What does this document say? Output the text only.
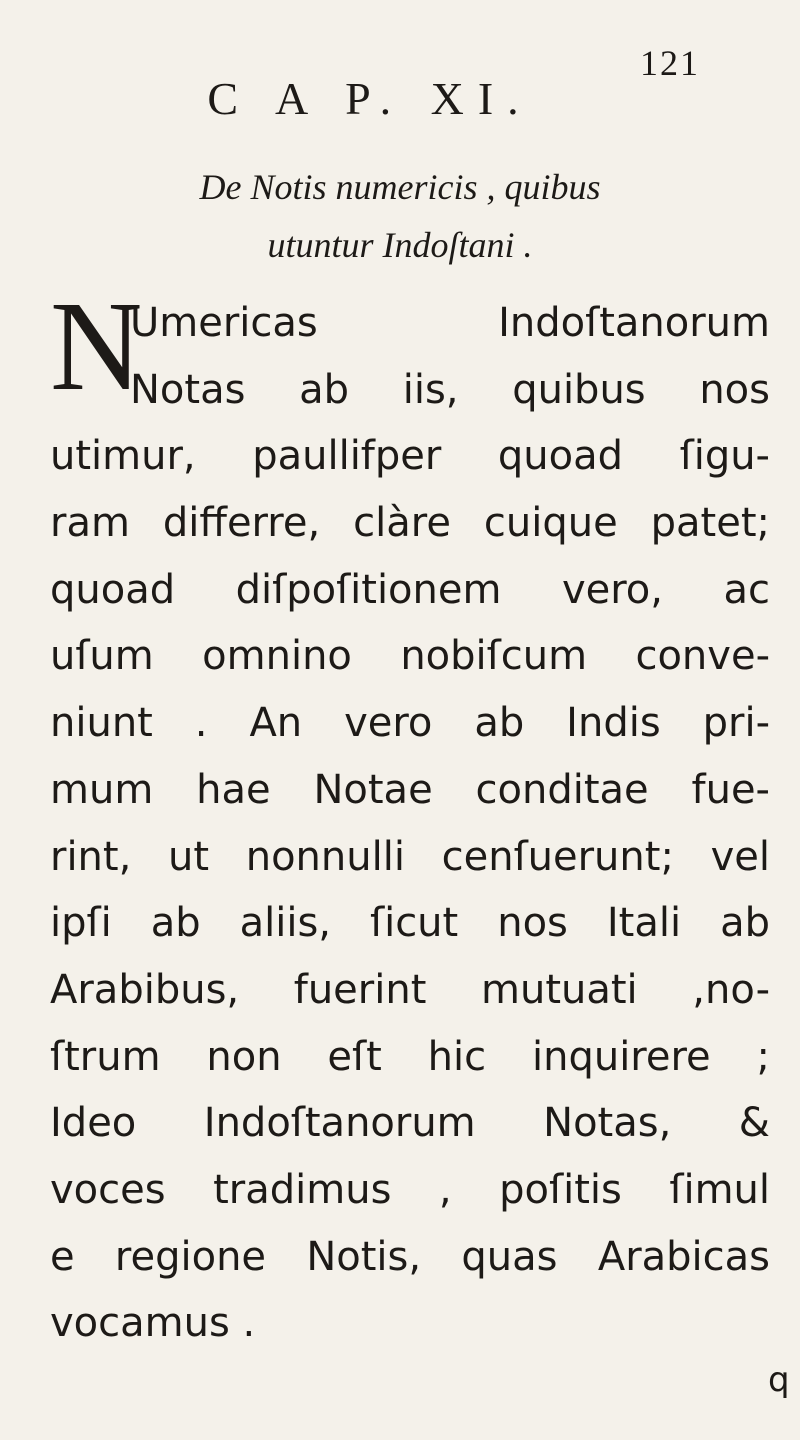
121
C A P. XI.
De Notis numericis , quibus
utuntur Indoſtani .
N
Umericas Indoſtanorum
Notas ab iis, quibus nos
utimur, paullifper quoad ſigu-
ram differre, clàre cuique patet;
quoad diſpoſitionem vero, ac
uſum omnino nobiſcum conve-
niunt . An vero ab Indis pri-
mum hae Notae conditae fue-
rint, ut nonnulli cenſuerunt; vel
ipſi ab aliis, ſicut nos Itali ab
Arabibus, fuerint mutuati ,no-
ſtrum non eſt hic inquirere ;
Ideo Indoſtanorum Notas, &
voces tradimus , poſitis ſimul
e regione Notis, quas Arabicas
vocamus .
q
